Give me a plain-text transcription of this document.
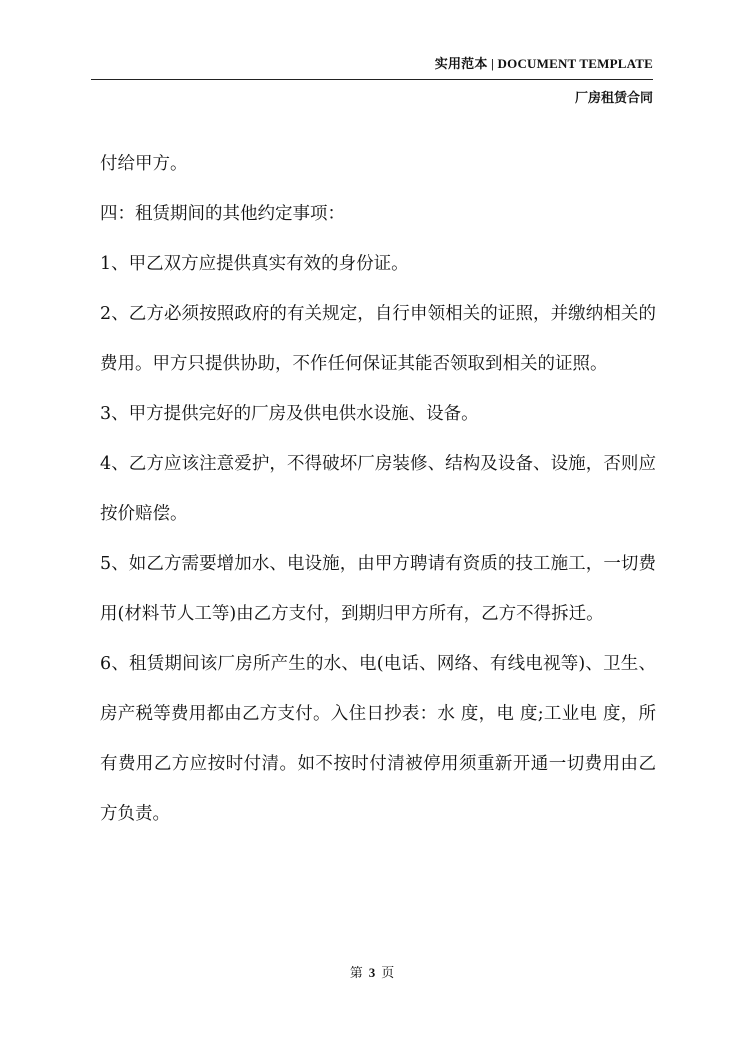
实用范本 | DOCUMENT TEMPLATE
厂房租赁合同

付给甲方。

四：租赁期间的其他约定事项：

1、甲乙双方应提供真实有效的身份证。

2、乙方必须按照政府的有关规定，自行申领相关的证照，并缴纳相关的费用。甲方只提供协助，不作任何保证其能否领取到相关的证照。

3、甲方提供完好的厂房及供电供水设施、设备。

4、乙方应该注意爱护，不得破坏厂房装修、结构及设备、设施，否则应按价赔偿。

5、如乙方需要增加水、电设施，由甲方聘请有资质的技工施工，一切费用(材料节人工等)由乙方支付，到期归甲方所有，乙方不得拆迁。

6、租赁期间该厂房所产生的水、电(电话、网络、有线电视等)、卫生、房产税等费用都由乙方支付。入住日抄表：水 度，电 度;工业电 度，所有费用乙方应按时付清。如不按时付清被停用须重新开通一切费用由乙方负责。

第 3 页
